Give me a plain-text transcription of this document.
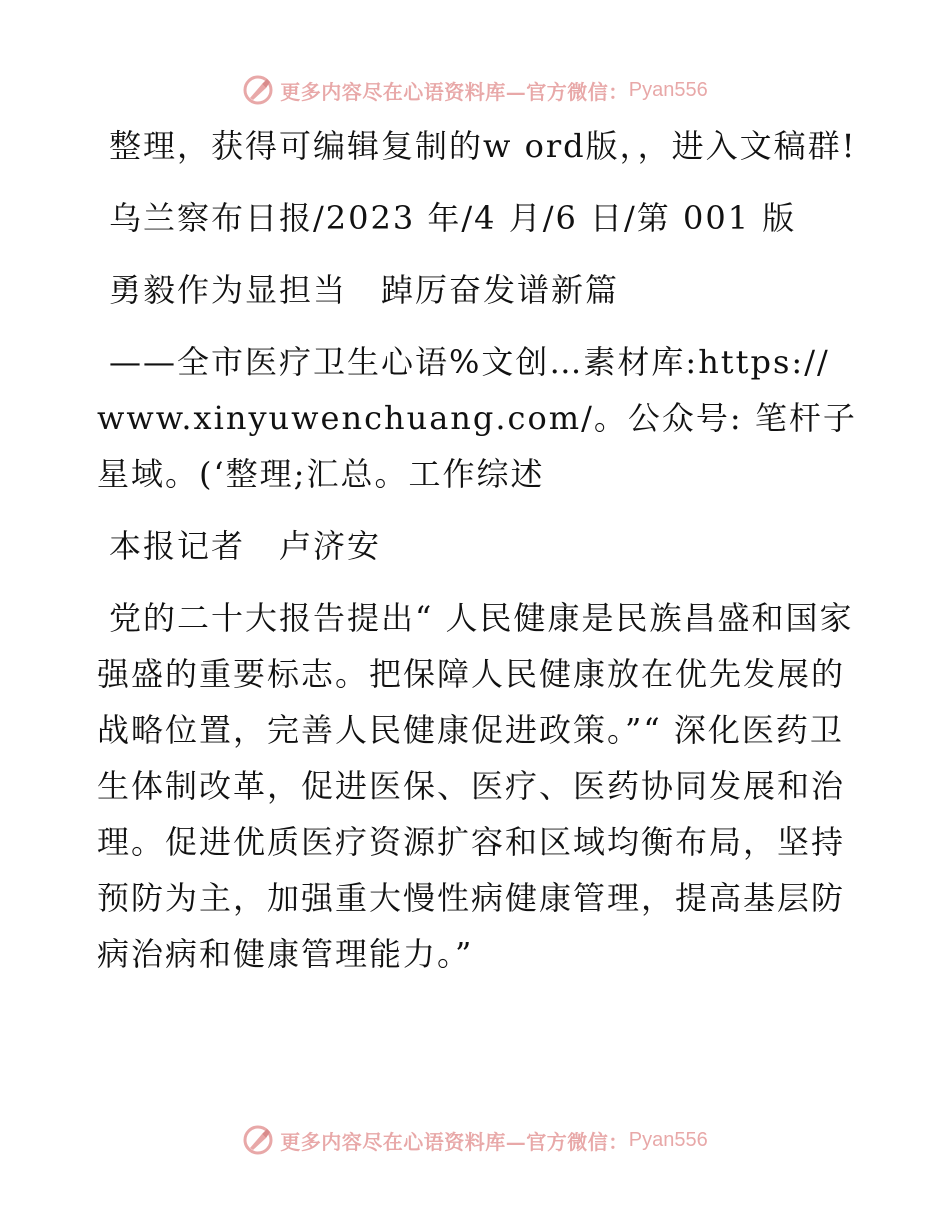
更多内容尽在心语资料库—官方微信： Pyan556

整理，获得可编辑复制的w ord版，，进入文稿群!

乌兰察布日报/2023 年/4 月/6 日/第 001 版

勇毅作为显担当　踔厉奋发谱新篇

——全市医疗卫生心语%文创…素材库:https://www.xinyuwenchuang.com/。公众号: 笔杆子星域。(‘整理;汇总。工作综述

本报记者　卢济安

党的二十大报告提出“ 人民健康是民族昌盛和国家强盛的重要标志。把保障人民健康放在优先发展的战略位置，完善人民健康促进政策。”“ 深化医药卫生体制改革，促进医保、医疗、医药协同发展和治理。促进优质医疗资源扩容和区域均衡布局，坚持预防为主，加强重大慢性病健康管理，提高基层防病治病和健康管理能力。”

更多内容尽在心语资料库—官方微信： Pyan556
